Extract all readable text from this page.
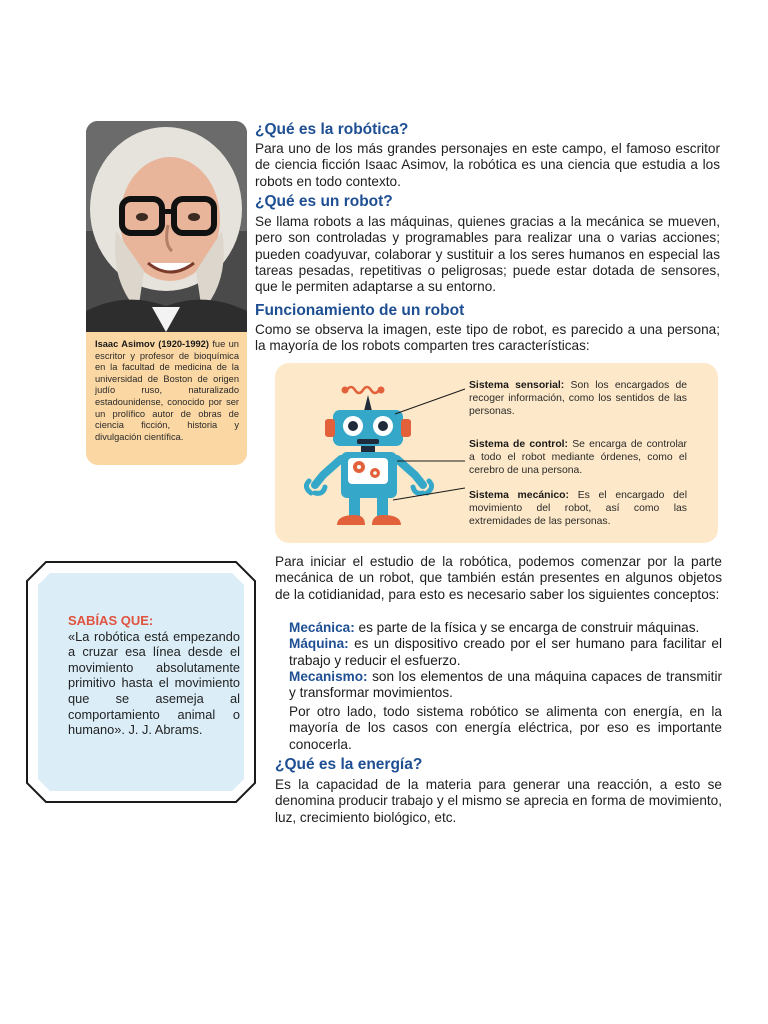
Isaac Asimov (1920-1992) fue un escritor y profesor de bioquímica en la facultad de medicina de la universidad de Boston de origen judío ruso, naturalizado estadounidense, conocido por ser un prolífico autor de obras de ciencia ficción, historia y divulgación científica.
¿Qué es la robótica?

Para uno de los más grandes personajes en este campo, el famoso escritor de ciencia ficción Isaac Asimov, la robótica es una ciencia que estudia a los robots en todo contexto.

¿Qué es un robot?

Se llama robots a las máquinas, quienes gracias a la mecánica se mueven, pero son controladas y programables para realizar una o varias acciones; pueden coadyuvar, colaborar y sustituir a los seres humanos en especial las tareas pesadas, repetitivas o peligrosas; puede estar dotada de sensores, que le permiten adaptarse a su entorno.

Funcionamiento de un robot

Como se observa la imagen, este tipo de robot, es parecido a una persona; la mayoría de los robots comparten tres características:

Sistema sensorial: Son los encargados de recoger información, como los sentidos de las personas.
Sistema de control: Se encarga de controlar a todo el robot mediante órdenes, como el cerebro de una persona.
Sistema mecánico: Es el encargado del movimiento del robot, así como las extremidades de las personas.
SABÍAS QUE:
«La robótica está empezando a cruzar esa línea desde el movimiento absolutamente primitivo hasta el movimiento que se asemeja al comportamiento animal o humano». J. J. Abrams.

Para iniciar el estudio de la robótica, podemos comenzar por la parte mecánica de un robot, que también están presentes en algunos objetos de la cotidianidad, para esto es necesario saber los siguientes conceptos:

Mecánica: es parte de la física y se encarga de construir máquinas.

Máquina: es un dispositivo creado por el ser humano para facilitar el trabajo y reducir el esfuerzo.

Mecanismo: son los elementos de una máquina capaces de transmitir y transformar movimientos.

Por otro lado, todo sistema robótico se alimenta con energía, en la mayoría de los casos con energía eléctrica, por eso es importante conocerla.

¿Qué es la energía?

Es la capacidad de la materia para generar una reacción, a esto se denomina producir trabajo y el mismo se aprecia en forma de movimiento, luz, crecimiento biológico, etc.
